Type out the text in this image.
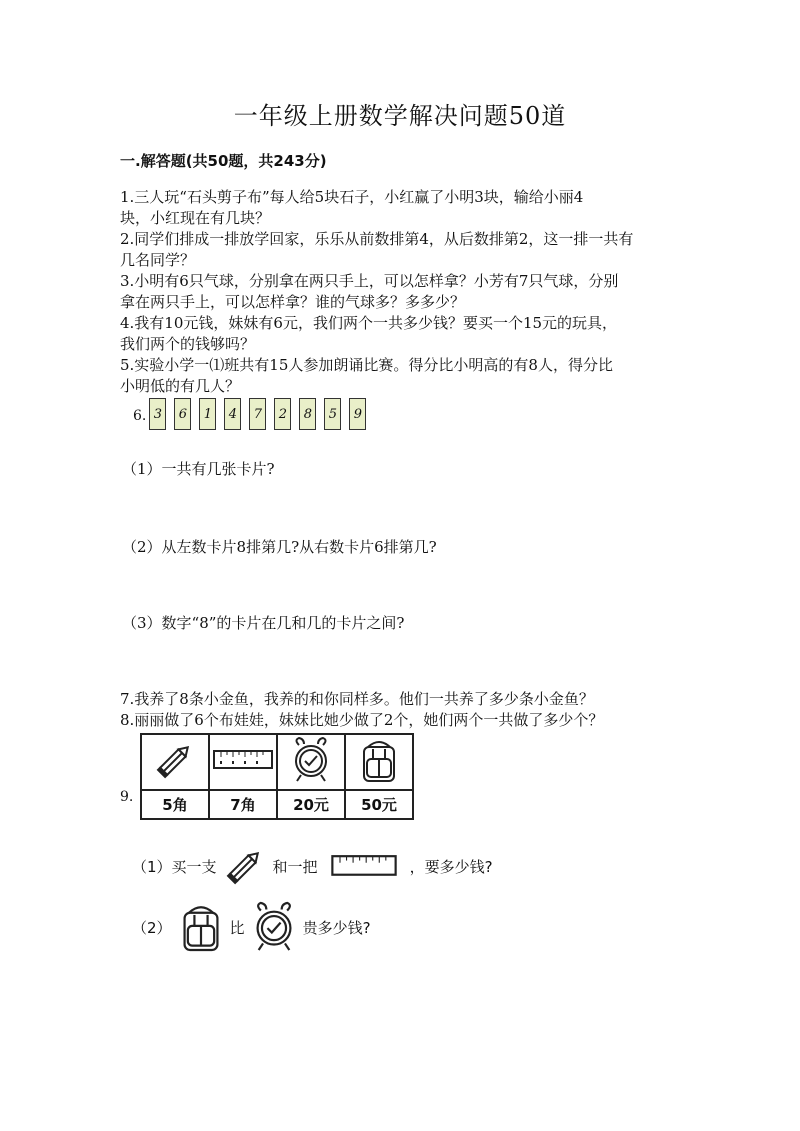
一年级上册数学解决问题50道
一.解答题(共50题，共243分)
1.三人玩“石头剪子布”每人给5块石子，小红赢了小明3块，输给小丽4
块，小红现在有几块？
2.同学们排成一排放学回家，乐乐从前数排第4，从后数排第2，这一排一共有
几名同学？
3.小明有6只气球，分别拿在两只手上，可以怎样拿？小芳有7只气球，分别
拿在两只手上，可以怎样拿？谁的气球多？多多少？
4.我有10元钱，妹妹有6元，我们两个一共多少钱？要买一个15元的玩具，
我们两个的钱够吗？
5.实验小学一⑴班共有15人参加朗诵比赛。得分比小明高的有8人，得分比
小明低的有几人？
6. 3	6	1	4	7	2	8	5	9
（1）一共有几张卡片?
（2）从左数卡片8排第几?从右数卡片6排第几?
（3）数字“8”的卡片在几和几的卡片之间?
7.我养了8条小金鱼，我养的和你同样多。他们一共养了多少条小金鱼？
8.丽丽做了6个布娃娃，妹妹比她少做了2个，她们两个一共做了多少个？
9.
			5角	7角	20元	50元
（1）买一支	和一把	，要多少钱?
（2）	比	贵多少钱?
